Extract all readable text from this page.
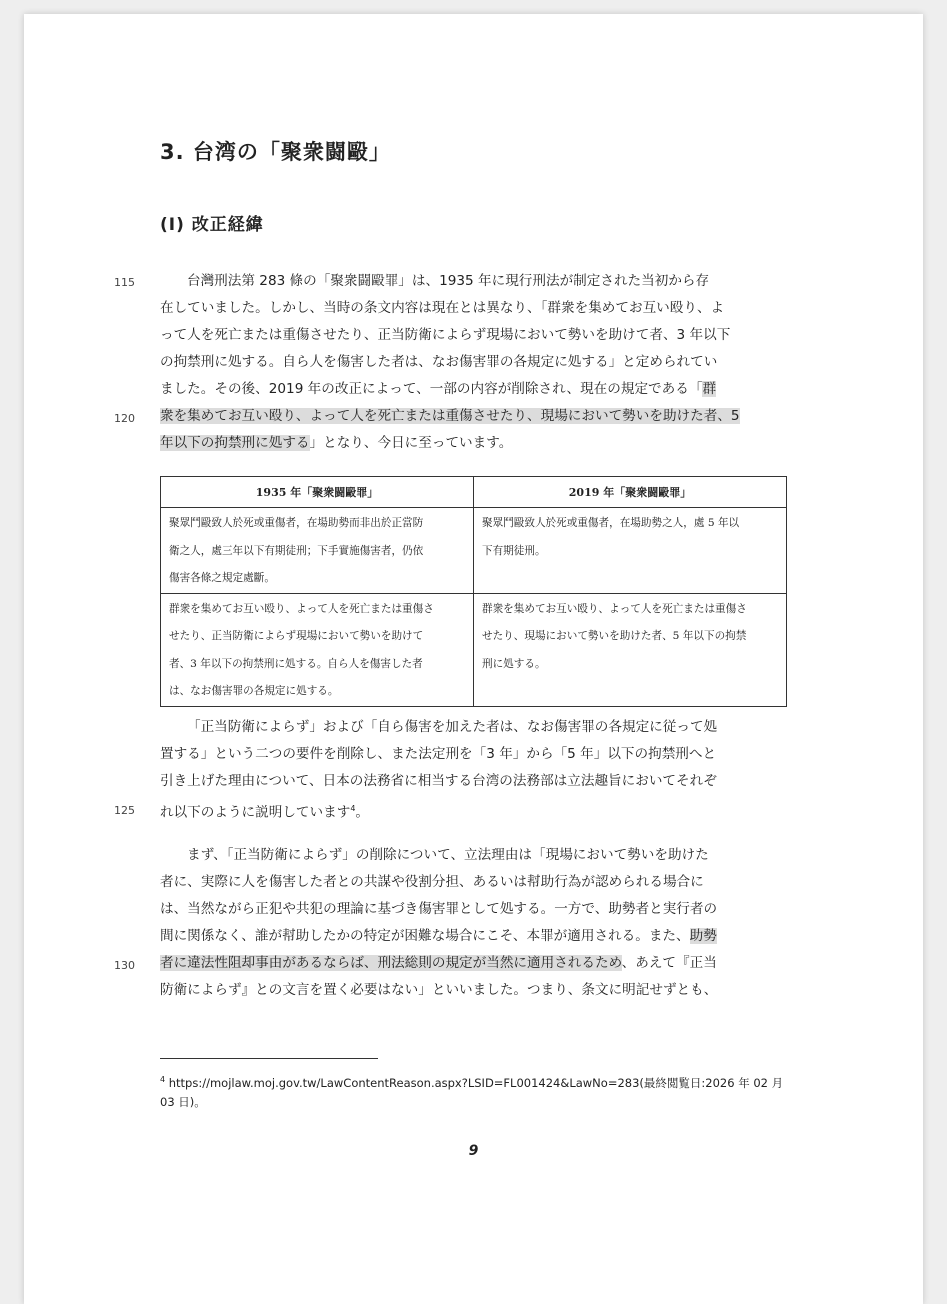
3. 台湾の「聚衆闘毆」
(I) 改正経緯
115
120
125
130
台灣刑法第 283 條の「聚衆闘毆罪」は、1935 年に現行刑法が制定された当初から存
在していました。しかし、当時の条文内容は現在とは異なり、「群衆を集めてお互い殴り、よ
って人を死亡または重傷させたり、正当防衛によらず現場において勢いを助けて者、3 年以下
の拘禁刑に処する。自ら人を傷害した者は、なお傷害罪の各規定に処する」と定められてい
ました。その後、2019 年の改正によって、一部の内容が削除され、現在の規定である「群
衆を集めてお互い殴り、よって人を死亡または重傷させたり、現場において勢いを助けた者、5
年以下の拘禁刑に処する」となり、今日に至っています。
1935 年「聚衆闘毆罪」	2019 年「聚衆闘毆罪」

聚眾鬥毆致人於死或重傷者，在場助勢而非出於正當防
衛之人，處三年以下有期徒刑；下手實施傷害者，仍依
傷害各條之規定處斷。	聚眾鬥毆致人於死或重傷者，在場助勢之人，處 5 年以
下有期徒刑。

群衆を集めてお互い殴り、よって人を死亡または重傷さ
せたり、正当防衛によらず現場において勢いを助けて
者、3 年以下の拘禁刑に処する。自ら人を傷害した者
は、なお傷害罪の各規定に処する。	群衆を集めてお互い殴り、よって人を死亡または重傷さ
せたり、現場において勢いを助けた者、5 年以下の拘禁
刑に処する。
「正当防衛によらず」および「自ら傷害を加えた者は、なお傷害罪の各規定に従って処
置する」という二つの要件を削除し、また法定刑を「3 年」から「5 年」以下の拘禁刑へと
引き上げた理由について、日本の法務省に相当する台湾の法務部は立法趣旨においてそれぞ
れ以下のように説明しています$^4$。
まず、「正当防衛によらず」の削除について、立法理由は「現場において勢いを助けた
者に、実際に人を傷害した者との共謀や役割分担、あるいは幇助行為が認められる場合に
は、当然ながら正犯や共犯の理論に基づき傷害罪として処する。一方で、助勢者と実行者の
間に関係なく、誰が幇助したかの特定が困難な場合にこそ、本罪が適用される。また、助勢
者に違法性阻却事由があるならば、刑法総則の規定が当然に適用されるため、あえて『正当
防衛によらず』との文言を置く必要はない」といいました。つまり、条文に明記せずとも、
$^4$ https://mojlaw.moj.gov.tw/LawContentReason.aspx?LSID=FL001424&LawNo=283(最終閲覧日:2026 年 02 月 03 日)。
9
